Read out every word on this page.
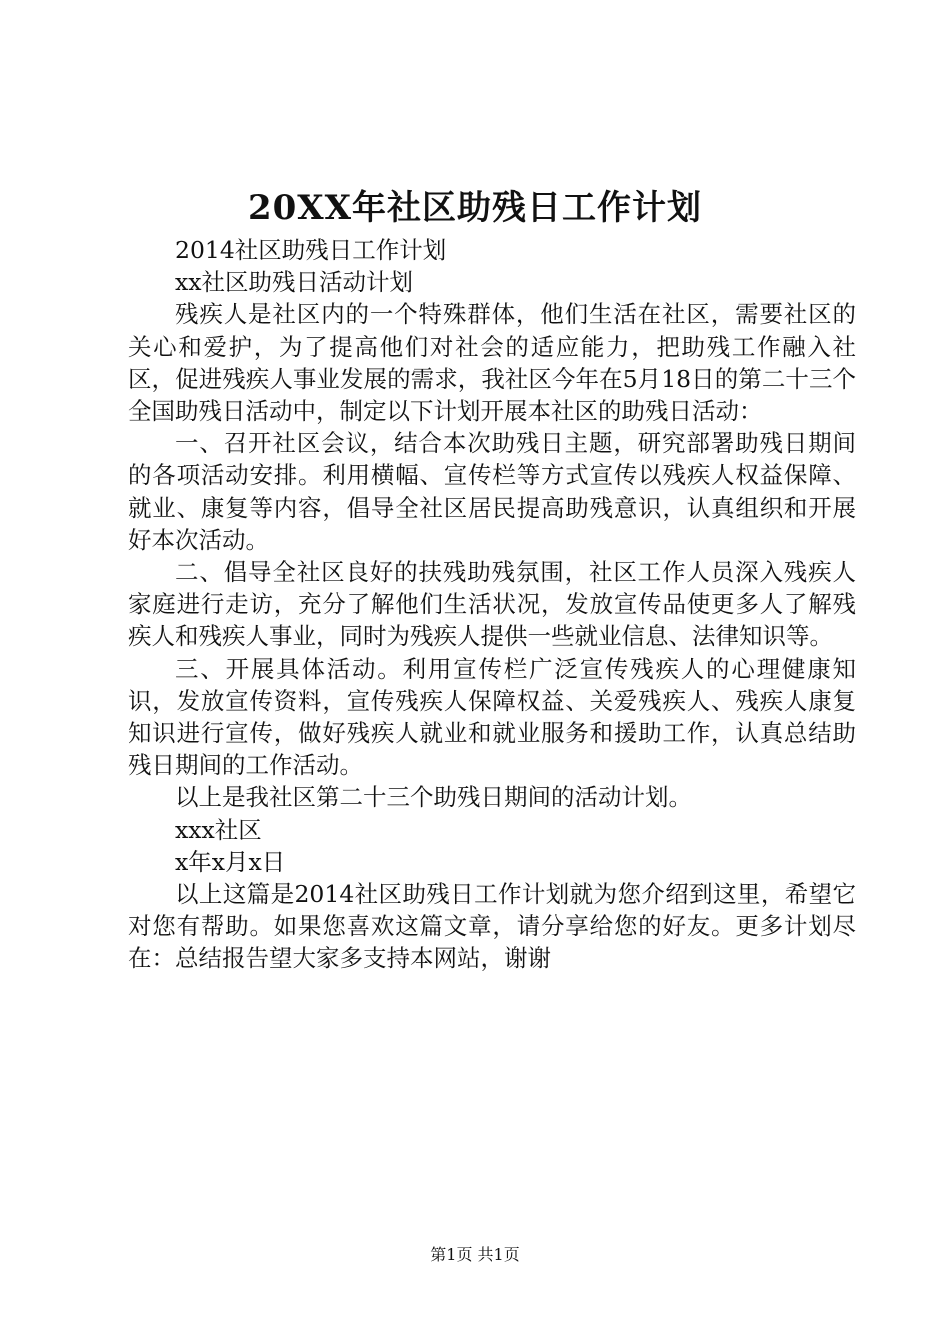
20XX年社区助残日工作计划

2014社区助残日工作计划

xx社区助残日活动计划

残疾人是社区内的一个特殊群体，他们生活在社区，需要社区的关心和爱护，为了提高他们对社会的适应能力，把助残工作融入社区，促进残疾人事业发展的需求，我社区今年在5月18日的第二十三个全国助残日活动中，制定以下计划开展本社区的助残日活动：

一、召开社区会议，结合本次助残日主题，研究部署助残日期间的各项活动安排。利用横幅、宣传栏等方式宣传以残疾人权益保障、就业、康复等内容，倡导全社区居民提高助残意识，认真组织和开展好本次活动。

二、倡导全社区良好的扶残助残氛围，社区工作人员深入残疾人家庭进行走访，充分了解他们生活状况，发放宣传品使更多人了解残疾人和残疾人事业，同时为残疾人提供一些就业信息、法律知识等。

三、开展具体活动。利用宣传栏广泛宣传残疾人的心理健康知识，发放宣传资料，宣传残疾人保障权益、关爱残疾人、残疾人康复知识进行宣传，做好残疾人就业和就业服务和援助工作，认真总结助残日期间的工作活动。

以上是我社区第二十三个助残日期间的活动计划。

xxx社区

x年x月x日

以上这篇是2014社区助残日工作计划就为您介绍到这里，希望它对您有帮助。如果您喜欢这篇文章，请分享给您的好友。更多计划尽在：总结报告望大家多支持本网站，谢谢

第1页 共1页
